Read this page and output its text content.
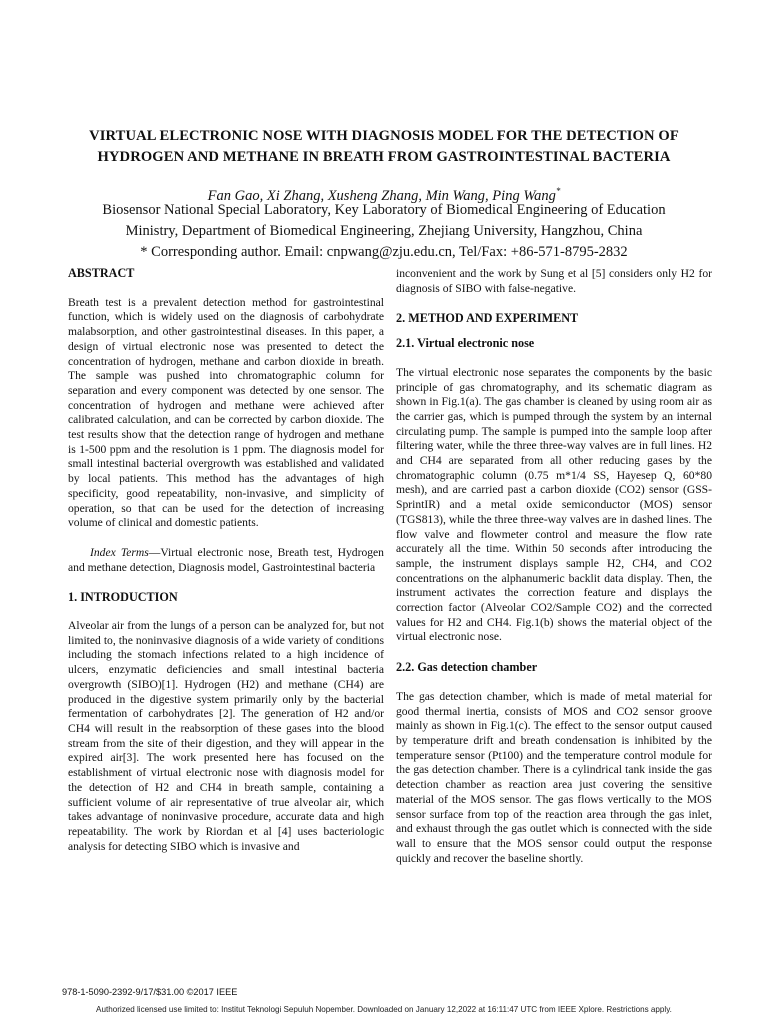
VIRTUAL ELECTRONIC NOSE WITH DIAGNOSIS MODEL FOR THE DETECTION OF
HYDROGEN AND METHANE IN BREATH FROM GASTROINTESTINAL BACTERIA
Fan Gao, Xi Zhang, Xusheng Zhang, Min Wang, Ping Wang*
Biosensor National Special Laboratory, Key Laboratory of Biomedical Engineering of Education
Ministry, Department of Biomedical Engineering, Zhejiang University, Hangzhou, China
* Corresponding author. Email: cnpwang@zju.edu.cn, Tel/Fax: +86-571-8795-2832

ABSTRACT

Breath test is a prevalent detection method for gastrointestinal function, which is widely used on the diagnosis of carbohydrate malabsorption, and other gastrointestinal diseases. In this paper, a design of virtual electronic nose was presented to detect the concentration of hydrogen, methane and carbon dioxide in breath. The sample was pushed into chromatographic column for separation and every component was detected by one sensor. The concentration of hydrogen and methane were achieved after calibrated calculation, and can be corrected by carbon dioxide. The test results show that the detection range of hydrogen and methane is 1-500 ppm and the resolution is 1 ppm. The diagnosis model for small intestinal bacterial overgrowth was established and validated by local patients. This method has the advantages of high specificity, good repeatability, non-invasive, and simplicity of operation, so that can be used for the detection of increasing volume of clinical and domestic patients.

Index Terms—Virtual electronic nose, Breath test, Hydrogen and methane detection, Diagnosis model, Gastrointestinal bacteria

1. INTRODUCTION

Alveolar air from the lungs of a person can be analyzed for, but not limited to, the noninvasive diagnosis of a wide variety of conditions including the stomach infections related to a high incidence of ulcers, enzymatic deficiencies and small intestinal bacteria overgrowth (SIBO)[1]. Hydrogen (H2) and methane (CH4) are produced in the digestive system primarily only by the bacterial fermentation of carbohydrates [2]. The generation of H2 and/or CH4 will result in the reabsorption of these gases into the blood stream from the site of their digestion, and they will appear in the expired air[3]. The work presented here has focused on the establishment of virtual electronic nose with diagnosis model for the detection of H2 and CH4 in breath sample, containing a sufficient volume of air representative of true alveolar air, which takes advantage of noninvasive procedure, accurate data and high repeatability. The work by Riordan et al [4] uses bacteriologic analysis for detecting SIBO which is invasive and

inconvenient and the work by Sung et al [5] considers only H2 for diagnosis of SIBO with false-negative.

2. METHOD AND EXPERIMENT

2.1. Virtual electronic nose

The virtual electronic nose separates the components by the basic principle of gas chromatography, and its schematic diagram as shown in Fig.1(a). The gas chamber is cleaned by using room air as the carrier gas, which is pumped through the system by an internal circulating pump. The sample is pumped into the sample loop after filtering water, while the three three-way valves are in full lines. H2 and CH4 are separated from all other reducing gases by the chromatographic column (0.75 m*1/4 SS, Hayesep Q, 60*80 mesh), and are carried past a carbon dioxide (CO2) sensor (GSS-SprintIR) and a metal oxide semiconductor (MOS) sensor (TGS813), while the three three-way valves are in dashed lines. The flow valve and flowmeter control and measure the flow rate accurately all the time. Within 50 seconds after introducing the sample, the instrument displays sample H2, CH4, and CO2 concentrations on the alphanumeric backlit data display. Then, the instrument activates the correction feature and displays the correction factor (Alveolar CO2/Sample CO2) and the corrected values for H2 and CH4. Fig.1(b) shows the material object of the virtual electronic nose.

2.2. Gas detection chamber

The gas detection chamber, which is made of metal material for good thermal inertia, consists of MOS and CO2 sensor groove mainly as shown in Fig.1(c). The effect to the sensor output caused by temperature drift and breath condensation is inhibited by the temperature sensor (Pt100) and the temperature control module for the gas detection chamber. There is a cylindrical tank inside the gas detection chamber as reaction area just covering the sensitive material of the MOS sensor. The gas flows vertically to the MOS sensor surface from top of the reaction area through the gas inlet, and exhaust through the gas outlet which is connected with the side wall to ensure that the MOS sensor could output the response quickly and recover the baseline shortly.

978-1-5090-2392-9/17/$31.00 ©2017 IEEE
Authorized licensed use limited to: Institut Teknologi Sepuluh Nopember. Downloaded on January 12,2022 at 16:11:47 UTC from IEEE Xplore. Restrictions apply.
